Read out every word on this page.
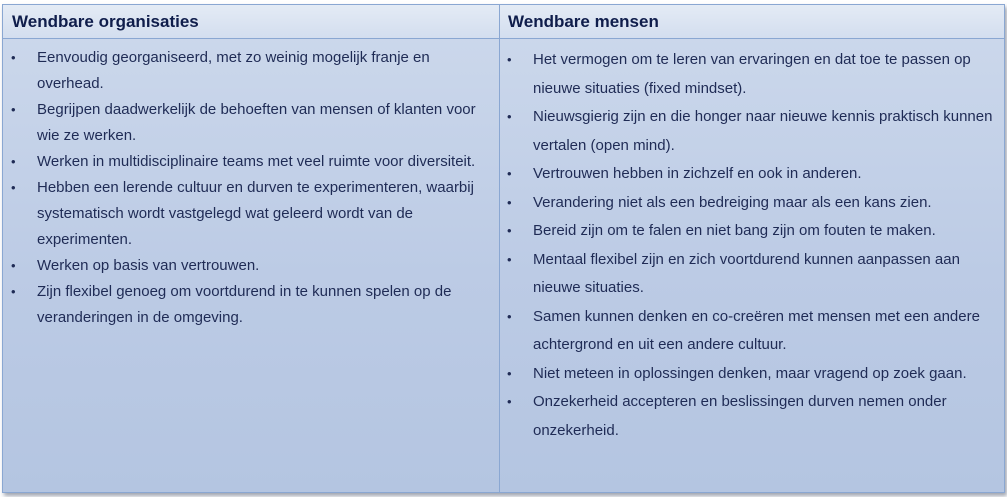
Wendbare organisaties	Wendbare mensen
• Eenvoudig georganiseerd, met zo weinig mogelijk franje en overhead.
• Begrijpen daadwerkelijk de behoeften van mensen of klanten voor wie ze werken.
• Werken in multidisciplinaire teams met veel ruimte voor diversiteit.
• Hebben een lerende cultuur en durven te experimenteren, waarbij systematisch wordt vastgelegd wat geleerd wordt van de experimenten.
• Werken op basis van vertrouwen.
• Zijn flexibel genoeg om voortdurend in te kunnen spelen op de veranderingen in de omgeving.
• Het vermogen om te leren van ervaringen en dat toe te passen op nieuwe situaties (fixed mindset).
• Nieuwsgierig zijn en die honger naar nieuwe kennis praktisch kunnen vertalen (open mind).
• Vertrouwen hebben in zichzelf en ook in anderen.
• Verandering niet als een bedreiging maar als een kans zien.
• Bereid zijn om te falen en niet bang zijn om fouten te maken.
• Mentaal flexibel zijn en zich voortdurend kunnen aanpassen aan nieuwe situaties.
• Samen kunnen denken en co-creëren met mensen met een andere achtergrond en uit een andere cultuur.
• Niet meteen in oplossingen denken, maar vragend op zoek gaan.
• Onzekerheid accepteren en beslissingen durven nemen onder onzekerheid.
